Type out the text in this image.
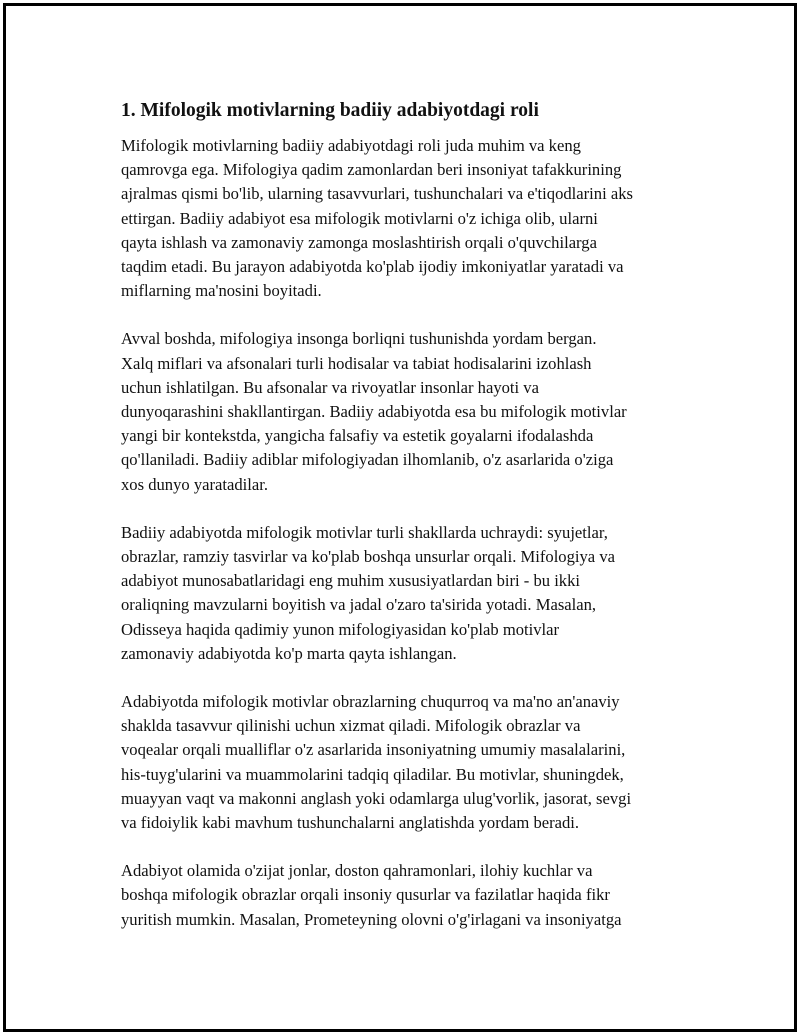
1. Mifologik motivlarning badiiy adabiyotdagi roli
Mifologik motivlarning badiiy adabiyotdagi roli juda muhim va keng
qamrovga ega. Mifologiya qadim zamonlardan beri insoniyat tafakkurining
ajralmas qismi bo'lib, ularning tasavvurlari, tushunchalari va e'tiqodlarini aks
ettirgan. Badiiy adabiyot esa mifologik motivlarni o'z ichiga olib, ularni
qayta ishlash va zamonaviy zamonga moslashtirish orqali o'quvchilarga
taqdim etadi. Bu jarayon adabiyotda ko'plab ijodiy imkoniyatlar yaratadi va
miflarning ma'nosini boyitadi.
Avval boshda, mifologiya insonga borliqni tushunishda yordam bergan.
Xalq miflari va afsonalari turli hodisalar va tabiat hodisalarini izohlash
uchun ishlatilgan. Bu afsonalar va rivoyatlar insonlar hayoti va
dunyoqarashini shakllantirgan. Badiiy adabiyotda esa bu mifologik motivlar
yangi bir kontekstda, yangicha falsafiy va estetik goyalarni ifodalashda
qo'llaniladi. Badiiy adiblar mifologiyadan ilhomlanib, o'z asarlarida o'ziga
xos dunyo yaratadilar.
Badiiy adabiyotda mifologik motivlar turli shakllarda uchraydi: syujetlar,
obrazlar, ramziy tasvirlar va ko'plab boshqa unsurlar orqali. Mifologiya va
adabiyot munosabatlaridagi eng muhim xususiyatlardan biri - bu ikki
oraliqning mavzularni boyitish va jadal o'zaro ta'sirida yotadi. Masalan,
Odisseya haqida qadimiy yunon mifologiyasidan ko'plab motivlar
zamonaviy adabiyotda ko'p marta qayta ishlangan.
Adabiyotda mifologik motivlar obrazlarning chuqurroq va ma'no an'anaviy
shaklda tasavvur qilinishi uchun xizmat qiladi. Mifologik obrazlar va
voqealar orqali mualliflar o'z asarlarida insoniyatning umumiy masalalarini,
his-tuyg'ularini va muammolarini tadqiq qiladilar. Bu motivlar, shuningdek,
muayyan vaqt va makonni anglash yoki odamlarga ulug'vorlik, jasorat, sevgi
va fidoiylik kabi mavhum tushunchalarni anglatishda yordam beradi.
Adabiyot olamida o'zijat jonlar, doston qahramonlari, ilohiy kuchlar va
boshqa mifologik obrazlar orqali insoniy qusurlar va fazilatlar haqida fikr
yuritish mumkin. Masalan, Prometeyning olovni o'g'irlagani va insoniyatga
